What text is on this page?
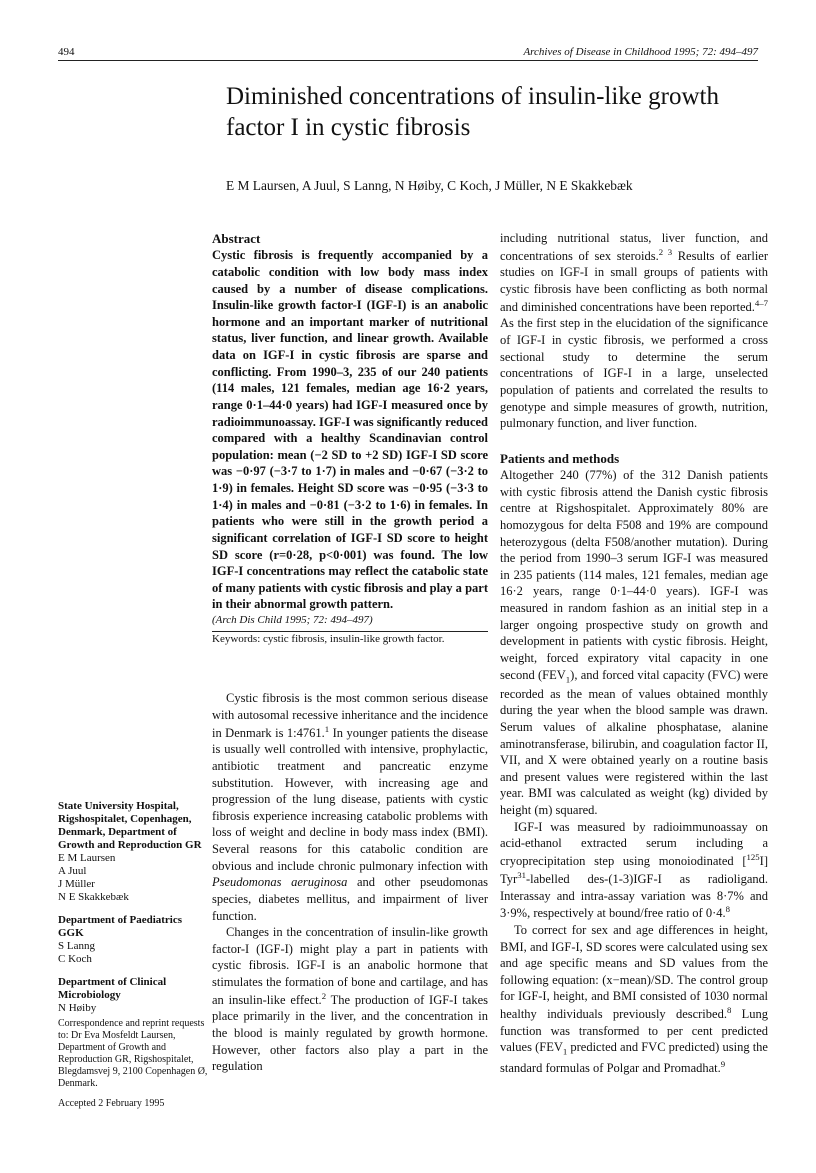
494	Archives of Disease in Childhood 1995; 72: 494–497
Diminished concentrations of insulin-like growth factor I in cystic fibrosis
E M Laursen, A Juul, S Lanng, N Høiby, C Koch, J Müller, N E Skakkebæk
Abstract

Cystic fibrosis is frequently accompanied by a catabolic condition with low body mass index caused by a number of disease complications. Insulin-like growth factor-I (IGF-I) is an anabolic hormone and an important marker of nutritional status, liver function, and linear growth. Available data on IGF-I in cystic fibrosis are sparse and conflicting. From 1990–3, 235 of our 240 patients (114 males, 121 females, median age 16·2 years, range 0·1–44·0 years) had IGF-I measured once by radioimmunoassay. IGF-I was significantly reduced compared with a healthy Scandinavian control population: mean (−2 SD to +2 SD) IGF-I SD score was −0·97 (−3·7 to 1·7) in males and −0·67 (−3·2 to 1·9) in females. Height SD score was −0·95 (−3·3 to 1·4) in males and −0·81 (−3·2 to 1·6) in females. In patients who were still in the growth period a significant correlation of IGF-I SD score to height SD score (r=0·28, p<0·001) was found. The low IGF-I concentrations may reflect the catabolic state of many patients with cystic fibrosis and play a part in their abnormal growth pattern.

(Arch Dis Child 1995; 72: 494–497)

Keywords: cystic fibrosis, insulin-like growth factor.

Cystic fibrosis is the most common serious disease with autosomal recessive inheritance and the incidence in Denmark is 1:4761.$^1$ In younger patients the disease is usually well controlled with intensive, prophylactic, antibiotic treatment and pancreatic enzyme substitution. However, with increasing age and progression of the lung disease, patients with cystic fibrosis experience increasing catabolic problems with loss of weight and decline in body mass index (BMI). Several reasons for this catabolic condition are obvious and include chronic pulmonary infection with Pseudomonas aeruginosa and other pseudomonas species, diabetes mellitus, and impairment of liver function.

Changes in the concentration of insulin-like growth factor-I (IGF-I) might play a part in patients with cystic fibrosis. IGF-I is an anabolic hormone that stimulates the formation of bone and cartilage, and has an insulin-like effect.$^2$ The production of IGF-I takes place primarily in the liver, and the concentration in the blood is mainly regulated by growth hormone. However, other factors also play a part in the regulation

including nutritional status, liver function, and concentrations of sex steroids.$^{2 3}$ Results of earlier studies on IGF-I in small groups of patients with cystic fibrosis have been conflicting as both normal and diminished concentrations have been reported.$^{4-7}$ As the first step in the elucidation of the significance of IGF-I in cystic fibrosis, we performed a cross sectional study to determine the serum concentrations of IGF-I in a large, unselected population of patients and correlated the results to genotype and simple measures of growth, nutrition, pulmonary function, and liver function.

Patients and methods

Altogether 240 (77%) of the 312 Danish patients with cystic fibrosis attend the Danish cystic fibrosis centre at Rigshospitalet. Approximately 80% are homozygous for delta F508 and 19% are compound heterozygous (delta F508/another mutation). During the period from 1990–3 serum IGF-I was measured in 235 patients (114 males, 121 females, median age 16·2 years, range 0·1–44·0 years). IGF-I was measured in random fashion as an initial step in a larger ongoing prospective study on growth and development in patients with cystic fibrosis. Height, weight, forced expiratory vital capacity in one second $(FEV_1)$, and forced vital capacity (FVC) were recorded as the mean of values obtained monthly during the year when the blood sample was drawn. Serum values of alkaline phosphatase, alanine aminotransferase, bilirubin, and coagulation factor II, VII, and X were obtained yearly on a routine basis and present values were registered within the last year. BMI was calculated as weight (kg) divided by height (m) squared.

IGF-I was measured by radioimmunoassay on acid-ethanol extracted serum including a cryoprecipitation step using monoiodinated [$^{125}$I] Tyr$^{31}$-labelled des-(1-3)IGF-I as radioligand. Interassay and intra-assay variation was 8·7% and 3·9%, respectively at bound/free ratio of 0·4.$^8$

To correct for sex and age differences in height, BMI, and IGF-I, SD scores were calculated using sex and age specific means and SD values from the following equation: (x−mean)/SD. The control group for IGF-I, height, and BMI consisted of 1030 normal healthy individuals previously described.$^8$ Lung function was transformed to per cent predicted values ($FEV_1$ predicted and FVC predicted) using the standard formulas of Polgar and Promadhat.$^9$

State University Hospital, Rigshospitalet, Copenhagen, Denmark, Department of Growth and Reproduction GR
E M Laursen
A Juul
J Müller
N E Skakkebæk
Department of Paediatrics GGK
S Lanng
C Koch
Department of Clinical Microbiology
N Høiby
Correspondence and reprint requests to: Dr Eva Mosfeldt Laursen, Department of Growth and Reproduction GR, Rigshospitalet, Blegdamsvej 9, 2100 Copenhagen Ø, Denmark.
Accepted 2 February 1995
